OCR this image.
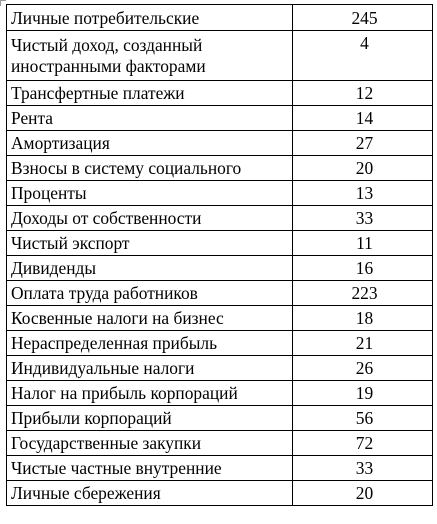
Личные потребительские	245
Чистый доход, созданный иностранными факторами	4
Трансфертные платежи	12
Рента	14
Амортизация	27
Взносы в систему социального	20
Проценты	13
Доходы от собственности	33
Чистый экспорт	11
Дивиденды	16
Оплата труда работников	223
Косвенные налоги на бизнес	18
Нераспределенная прибыль	21
Индивидуальные налоги	26
Налог на прибыль корпораций	19
Прибыли корпораций	56
Государственные закупки	72
Чистые частные внутренние	33
Личные сбережения	20
